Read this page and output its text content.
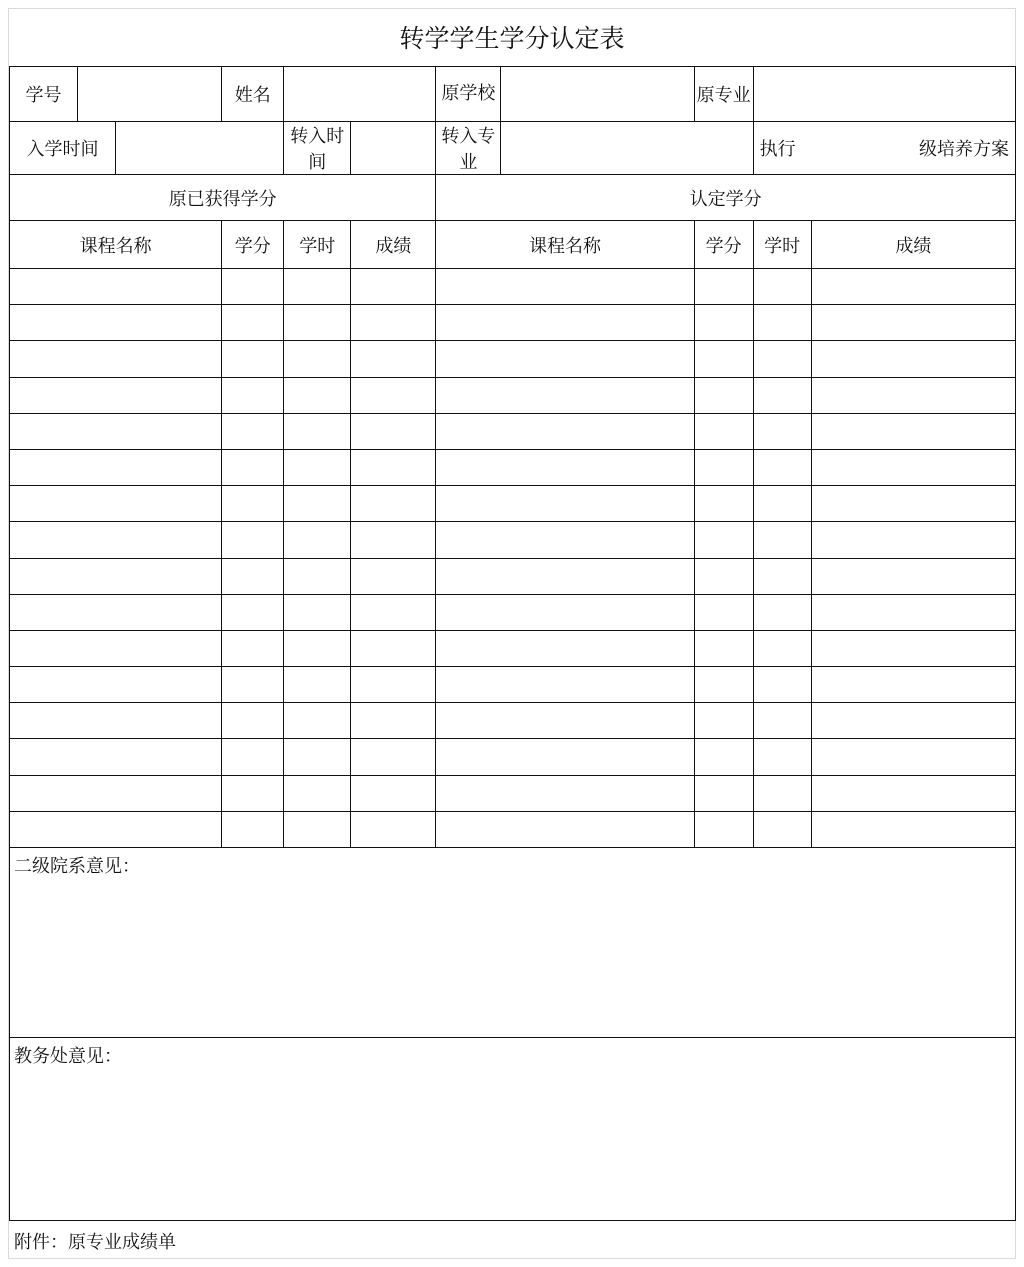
转学学生学分认定表
学号			姓名			原学校		原专业		
入学时间				转入时间		转入专业			执行 级培养方案	

原已获得学分						认定学分				
课程名称			学分	学时	成绩	课程名称		学分	学时	成绩

二级院系意见：										
教务处意见：										
附件：原专业成绩单
